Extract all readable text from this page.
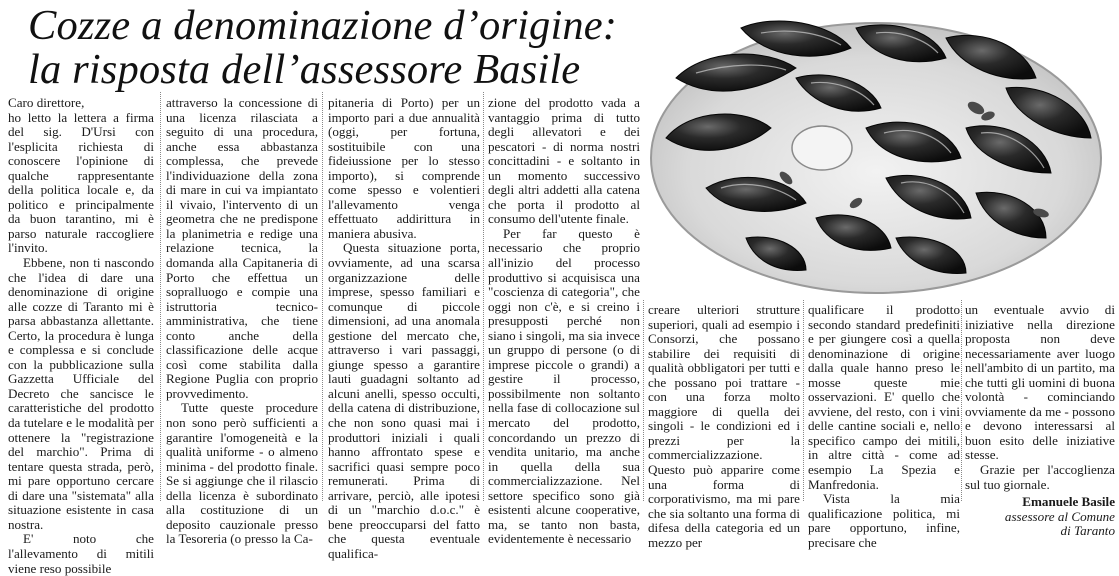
Cozze a denominazione d’origine:
la risposta dell’assessore Basile

Caro direttore,
ho letto la lettera a firma del sig. D'Ursi con l'esplicita richiesta di conoscere l'opinione di qualche rappresentante della politica locale e, da politico e principalmente da buon tarantino, mi è parso naturale raccogliere l'invito.

Ebbene, non ti nascondo che l'idea di dare una denominazione di origine alle cozze di Taranto mi è parsa abbastanza allettante. Certo, la procedura è lunga e complessa e si conclude con la pubblicazione sulla Gazzetta Ufficiale del Decreto che sancisce le caratteristiche del prodotto da tutelare e le modalità per ottenere la "registrazione del marchio". Prima di tentare questa strada, però, mi pare opportuno cercare di dare una "sistemata" alla situazione esistente in casa nostra.

E' noto che l'allevamento di mitili viene reso possibile

attraverso la concessione di una licenza rilasciata a seguito di una procedura, anche essa abbastanza complessa, che prevede l'individuazione della zona di mare in cui va impiantato il vivaio, l'intervento di un geometra che ne predispone la planimetria e redige una relazione tecnica, la domanda alla Capitaneria di Porto che effettua un sopralluogo e compie una istruttoria tecnico-amministrativa, che tiene conto anche della classificazione delle acque così come stabilita dalla Regione Puglia con proprio provvedimento.

Tutte queste procedure non sono però sufficienti a garantire l'omogeneità e la qualità uniforme - o almeno minima - del prodotto finale. Se si aggiunge che il rilascio della licenza è subordinato alla costituzione di un deposito cauzionale presso la Tesoreria (o presso la Ca-

pitaneria di Porto) per un importo pari a due annualità (oggi, per fortuna, sostituibile con una fideiussione per lo stesso importo), si comprende come spesso e volentieri l'allevamento venga effettuato addirittura in maniera abusiva.

Questa situazione porta, ovviamente, ad una scarsa organizzazione delle imprese, spesso familiari e comunque di piccole dimensioni, ad una anomala gestione del mercato che, attraverso i vari passaggi, giunge spesso a garantire lauti guadagni soltanto ad alcuni anelli, spesso occulti, della catena di distribuzione, che non sono quasi mai i produttori iniziali i quali hanno affrontato spese e sacrifici quasi sempre poco remunerati. Prima di arrivare, perciò, alle ipotesi di un "marchio d.o.c." è bene preoccuparsi del fatto che questa eventuale qualifica-

zione del prodotto vada a vantaggio prima di tutto degli allevatori e dei pescatori - di norma nostri concittadini - e soltanto in un momento successivo degli altri addetti alla catena che porta il prodotto al consumo dell'utente finale.

Per far questo è necessario che proprio all'inizio del processo produttivo si acquisisca una "coscienza di categoria", che oggi non c'è, e si creino i presupposti perché non siano i singoli, ma sia invece un gruppo di persone (o di imprese piccole o grandi) a gestire il processo, possibilmente non soltanto nella fase di collocazione sul mercato del prodotto, concordando un prezzo di vendita unitario, ma anche in quella della sua commercializzazione. Nel settore specifico sono già esistenti alcune cooperative, ma, se tanto non basta, evidentemente è necessario

creare ulteriori strutture superiori, quali ad esempio i Consorzi, che possano stabilire dei requisiti di qualità obbligatori per tutti e che possano poi trattare - con una forza molto maggiore di quella dei singoli - le condizioni ed i prezzi per la commercializzazione. Questo può apparire come una forma di corporativismo, ma mi pare che sia soltanto una forma di difesa della categoria ed un mezzo per

qualificare il prodotto secondo standard predefiniti e per giungere così a quella denominazione di origine dalla quale hanno preso le mosse queste mie osservazioni. E' quello che avviene, del resto, con i vini delle cantine sociali e, nello specifico campo dei mitili, in altre città - come ad esempio La Spezia e Manfredonia.

Vista la mia qualificazione politica, mi pare opportuno, infine, precisare che

un eventuale avvio di iniziative nella direzione proposta non deve necessariamente aver luogo nell'ambito di un partito, ma che tutti gli uomini di buona volontà - cominciando ovviamente da me - possono e devono interessarsi al buon esito delle iniziative stesse.

Grazie per l'accoglienza sul tuo giornale.

Emanuele Basile
assessore al Comune
di Taranto
